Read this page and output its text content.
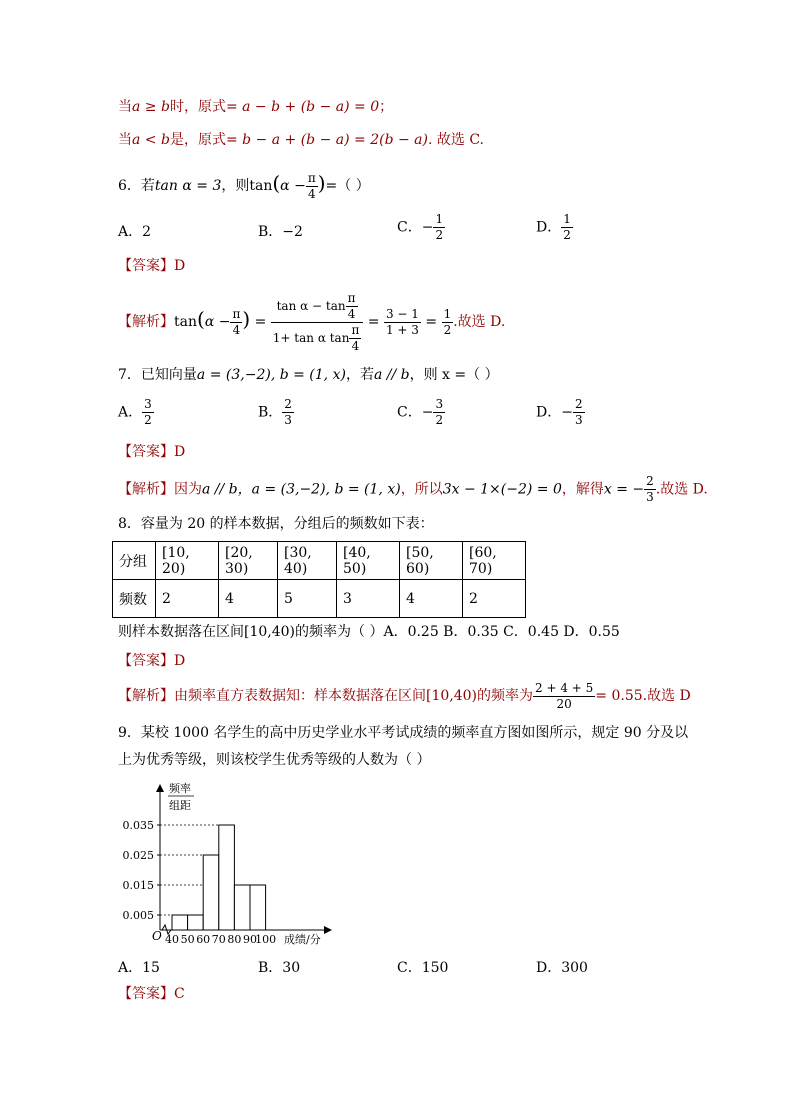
当a ≥ b时，原式= a − b + (b − a) = 0；
当a < b是，原式= b − a + (b − a) = 2(b − a). 故选 C.
6．若tan α = 3，则$\tan(\alpha - \frac{\pi}{4}$ )=（ ）
A．2	B．−2	C．− $\frac{1}{2}$	D． $\frac{1}{2}$
【答案】D
【解析】$\tan(\alpha - \frac{\pi}{4}$ ) = $\frac{\tan \alpha - \tan \frac{\pi}{4}}{1+ \tan \alpha \tan \frac{\pi}{4}} = \frac{3 - 1}{1 + 3} = \frac{1}{2}$ .故选 D.
7．已知向量a = (3,−2), b = (1, x)，若a // b，则 x =（ ）
A． $\frac{3}{2}$	B． $\frac{2}{3}$	C．− $\frac{3}{2}$	D．− $\frac{2}{3}$
【答案】D
【解析】因为a // b，a = (3,−2), b = (1, x)，所以3x − 1×(−2) = 0，解得x = − $\frac{2}{3}$ .故选 D.
8．容量为 20 的样本数据，分组后的频数如下表：
分组	[10, 20)	[20, 30)	[30, 40)	[40, 50)	[50, 60)	[60, 70)
频数	2	4	5	3	4	2
则样本数据落在区间[10,40)的频率为（ ）A．0.25 B．0.35 C．0.45 D．0.55
【答案】D
【解析】由频率直方表数据知：样本数据落在区间[10,40)的频率为 $\frac{2 + 4 + 5}{20} = 0.55$.故选 D
9．某校 1000 名学生的高中历史学业水平考试成绩的频率直方图如图所示，规定 90 分及以
上为优秀等级，则该校学生优秀等级的人数为（ ）
0.005
0.015
0.025
0.035
40 50 60 70 80 90
100
O	成绩/分
频率
组距
A．15	B．30	C．150	D．300
【答案】C
